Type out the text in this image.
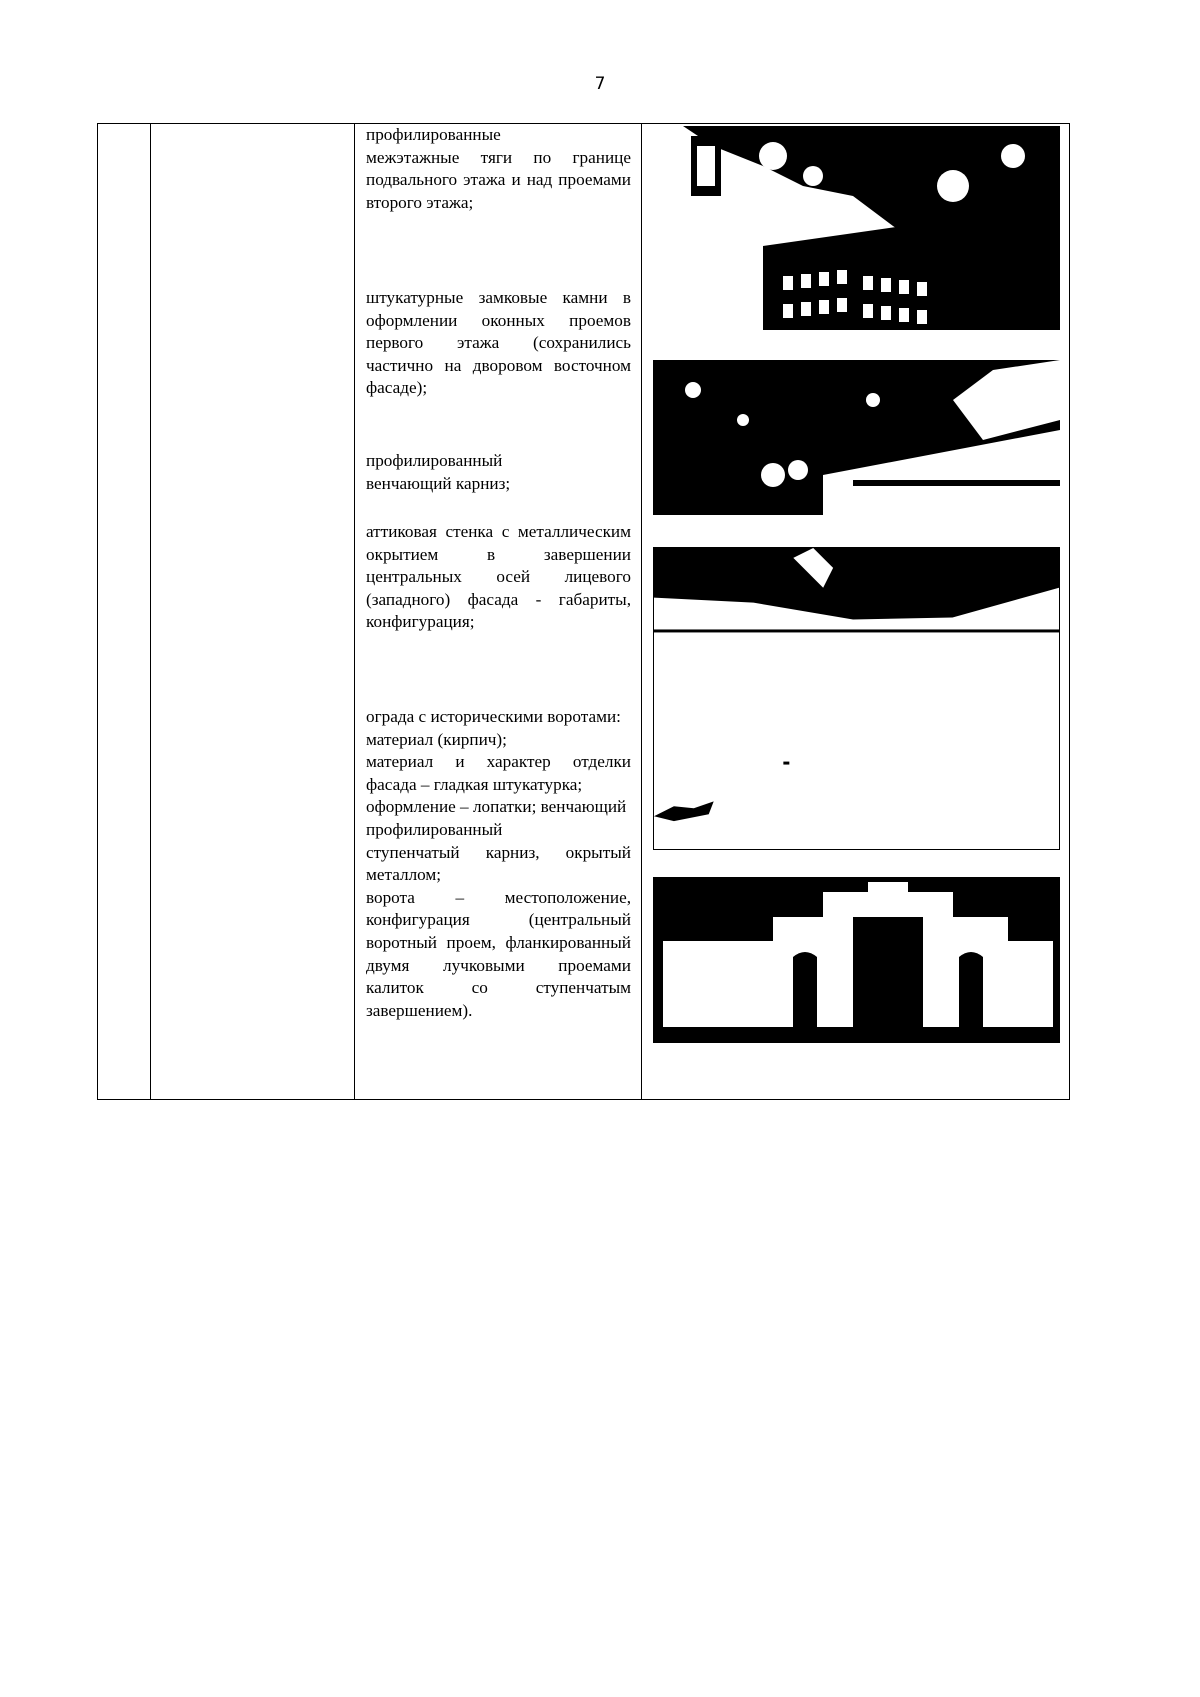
7

профилированные

межэтажные тяги по границе подвального этажа и над проемами второго этажа;

штукатурные замковые камни в оформлении оконных проемов первого этажа (сохранились частично на дворовом восточном фасаде);

профилированный

венчающий карниз;

аттиковая стенка с металлическим окрытием в завершении центральных осей лицевого (западного) фасада - габариты, конфигурация;

ограда с историческими воротами:

материал (кирпич);

материал и характер отделки фасада – гладкая штукатурка;

оформление – лопатки; венчающий

профилированный

ступенчатый карниз, окрытый металлом;

ворота – местоположение, конфигурация (центральный воротный проем, фланкированный двумя лучковыми проемами калиток со ступенчатым завершением).
